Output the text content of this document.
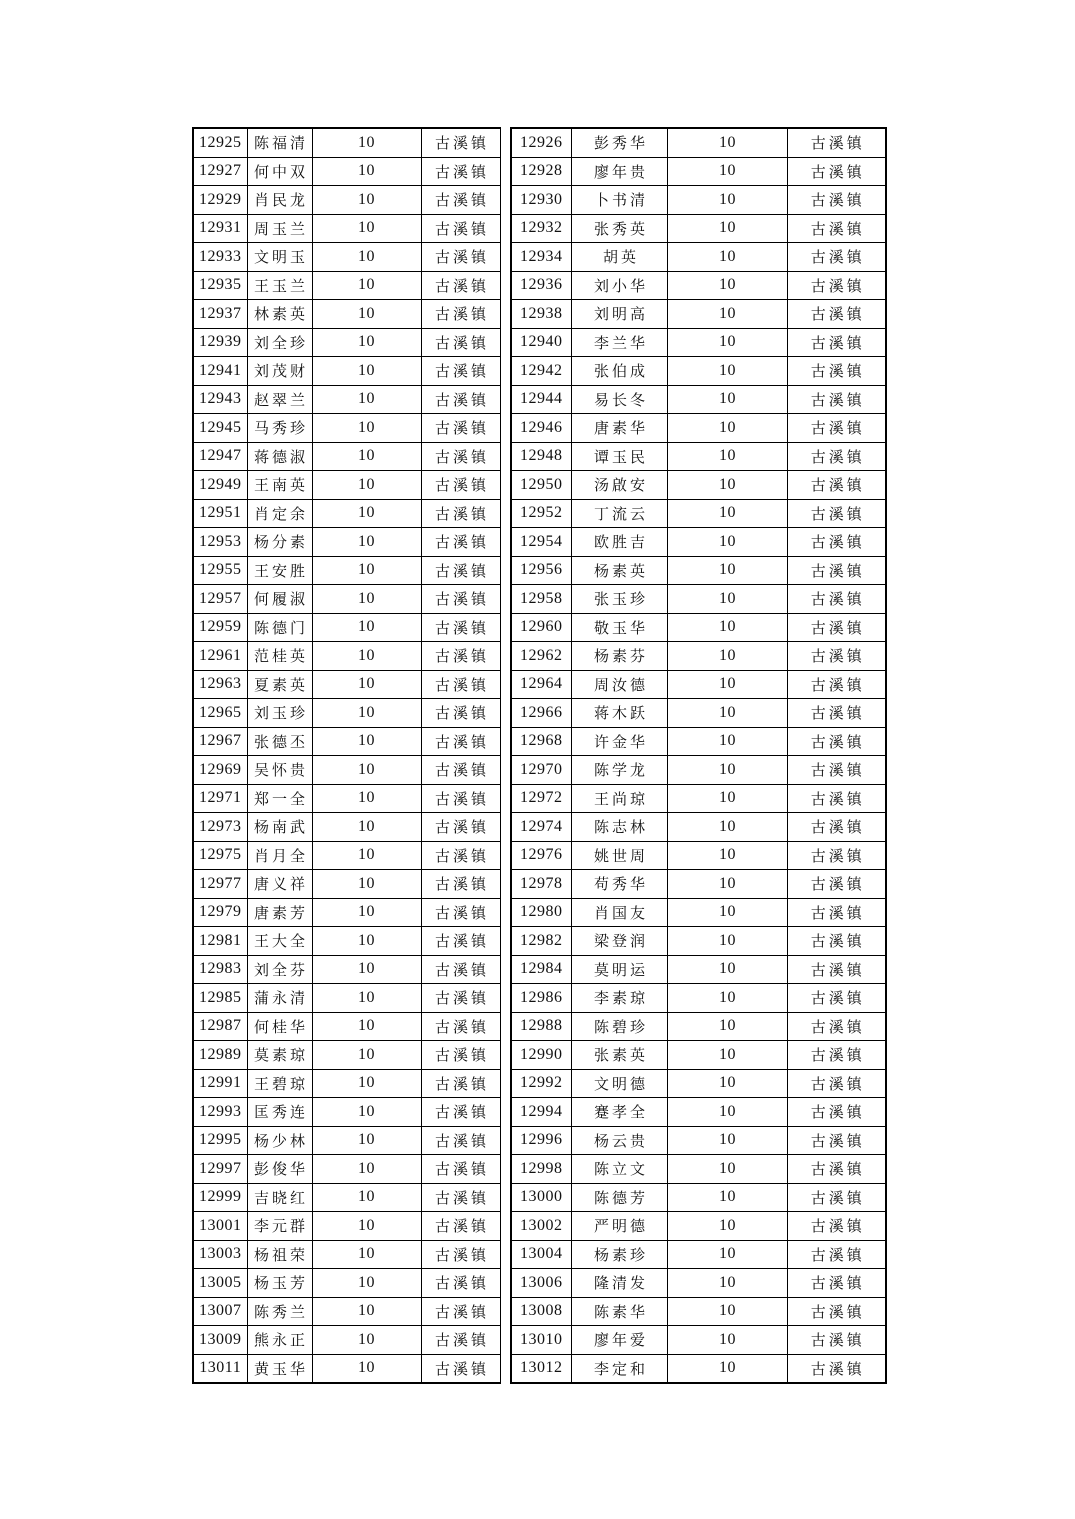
12925	陈福清	10	古溪镇
12927	何中双	10	古溪镇
12929	肖民龙	10	古溪镇
12931	周玉兰	10	古溪镇
12933	文明玉	10	古溪镇
12935	王玉兰	10	古溪镇
12937	林素英	10	古溪镇
12939	刘全珍	10	古溪镇
12941	刘茂财	10	古溪镇
12943	赵翠兰	10	古溪镇
12945	马秀珍	10	古溪镇
12947	蒋德淑	10	古溪镇
12949	王南英	10	古溪镇
12951	肖定余	10	古溪镇
12953	杨分素	10	古溪镇
12955	王安胜	10	古溪镇
12957	何履淑	10	古溪镇
12959	陈德门	10	古溪镇
12961	范桂英	10	古溪镇
12963	夏素英	10	古溪镇
12965	刘玉珍	10	古溪镇
12967	张德丕	10	古溪镇
12969	吴怀贵	10	古溪镇
12971	郑一全	10	古溪镇
12973	杨南武	10	古溪镇
12975	肖月全	10	古溪镇
12977	唐义祥	10	古溪镇
12979	唐素芳	10	古溪镇
12981	王大全	10	古溪镇
12983	刘全芬	10	古溪镇
12985	蒲永清	10	古溪镇
12987	何桂华	10	古溪镇
12989	莫素琼	10	古溪镇
12991	王碧琼	10	古溪镇
12993	匡秀连	10	古溪镇
12995	杨少林	10	古溪镇
12997	彭俊华	10	古溪镇
12999	吉晓红	10	古溪镇
13001	李元群	10	古溪镇
13003	杨祖荣	10	古溪镇
13005	杨玉芳	10	古溪镇
13007	陈秀兰	10	古溪镇
13009	熊永正	10	古溪镇
13011	黄玉华	10	古溪镇
12926	彭秀华	10	古溪镇
12928	廖年贵	10	古溪镇
12930	卜书清	10	古溪镇
12932	张秀英	10	古溪镇
12934	胡英	10	古溪镇
12936	刘小华	10	古溪镇
12938	刘明高	10	古溪镇
12940	李兰华	10	古溪镇
12942	张伯成	10	古溪镇
12944	易长冬	10	古溪镇
12946	唐素华	10	古溪镇
12948	谭玉民	10	古溪镇
12950	汤啟安	10	古溪镇
12952	丁流云	10	古溪镇
12954	欧胜吉	10	古溪镇
12956	杨素英	10	古溪镇
12958	张玉珍	10	古溪镇
12960	敬玉华	10	古溪镇
12962	杨素芬	10	古溪镇
12964	周汝德	10	古溪镇
12966	蒋木跃	10	古溪镇
12968	许金华	10	古溪镇
12970	陈学龙	10	古溪镇
12972	王尚琼	10	古溪镇
12974	陈志林	10	古溪镇
12976	姚世周	10	古溪镇
12978	苟秀华	10	古溪镇
12980	肖国友	10	古溪镇
12982	梁登润	10	古溪镇
12984	莫明运	10	古溪镇
12986	李素琼	10	古溪镇
12988	陈碧珍	10	古溪镇
12990	张素英	10	古溪镇
12992	文明德	10	古溪镇
12994	蹇孝全	10	古溪镇
12996	杨云贵	10	古溪镇
12998	陈立文	10	古溪镇
13000	陈德芳	10	古溪镇
13002	严明德	10	古溪镇
13004	杨素珍	10	古溪镇
13006	隆清发	10	古溪镇
13008	陈素华	10	古溪镇
13010	廖年爱	10	古溪镇
13012	李定和	10	古溪镇
